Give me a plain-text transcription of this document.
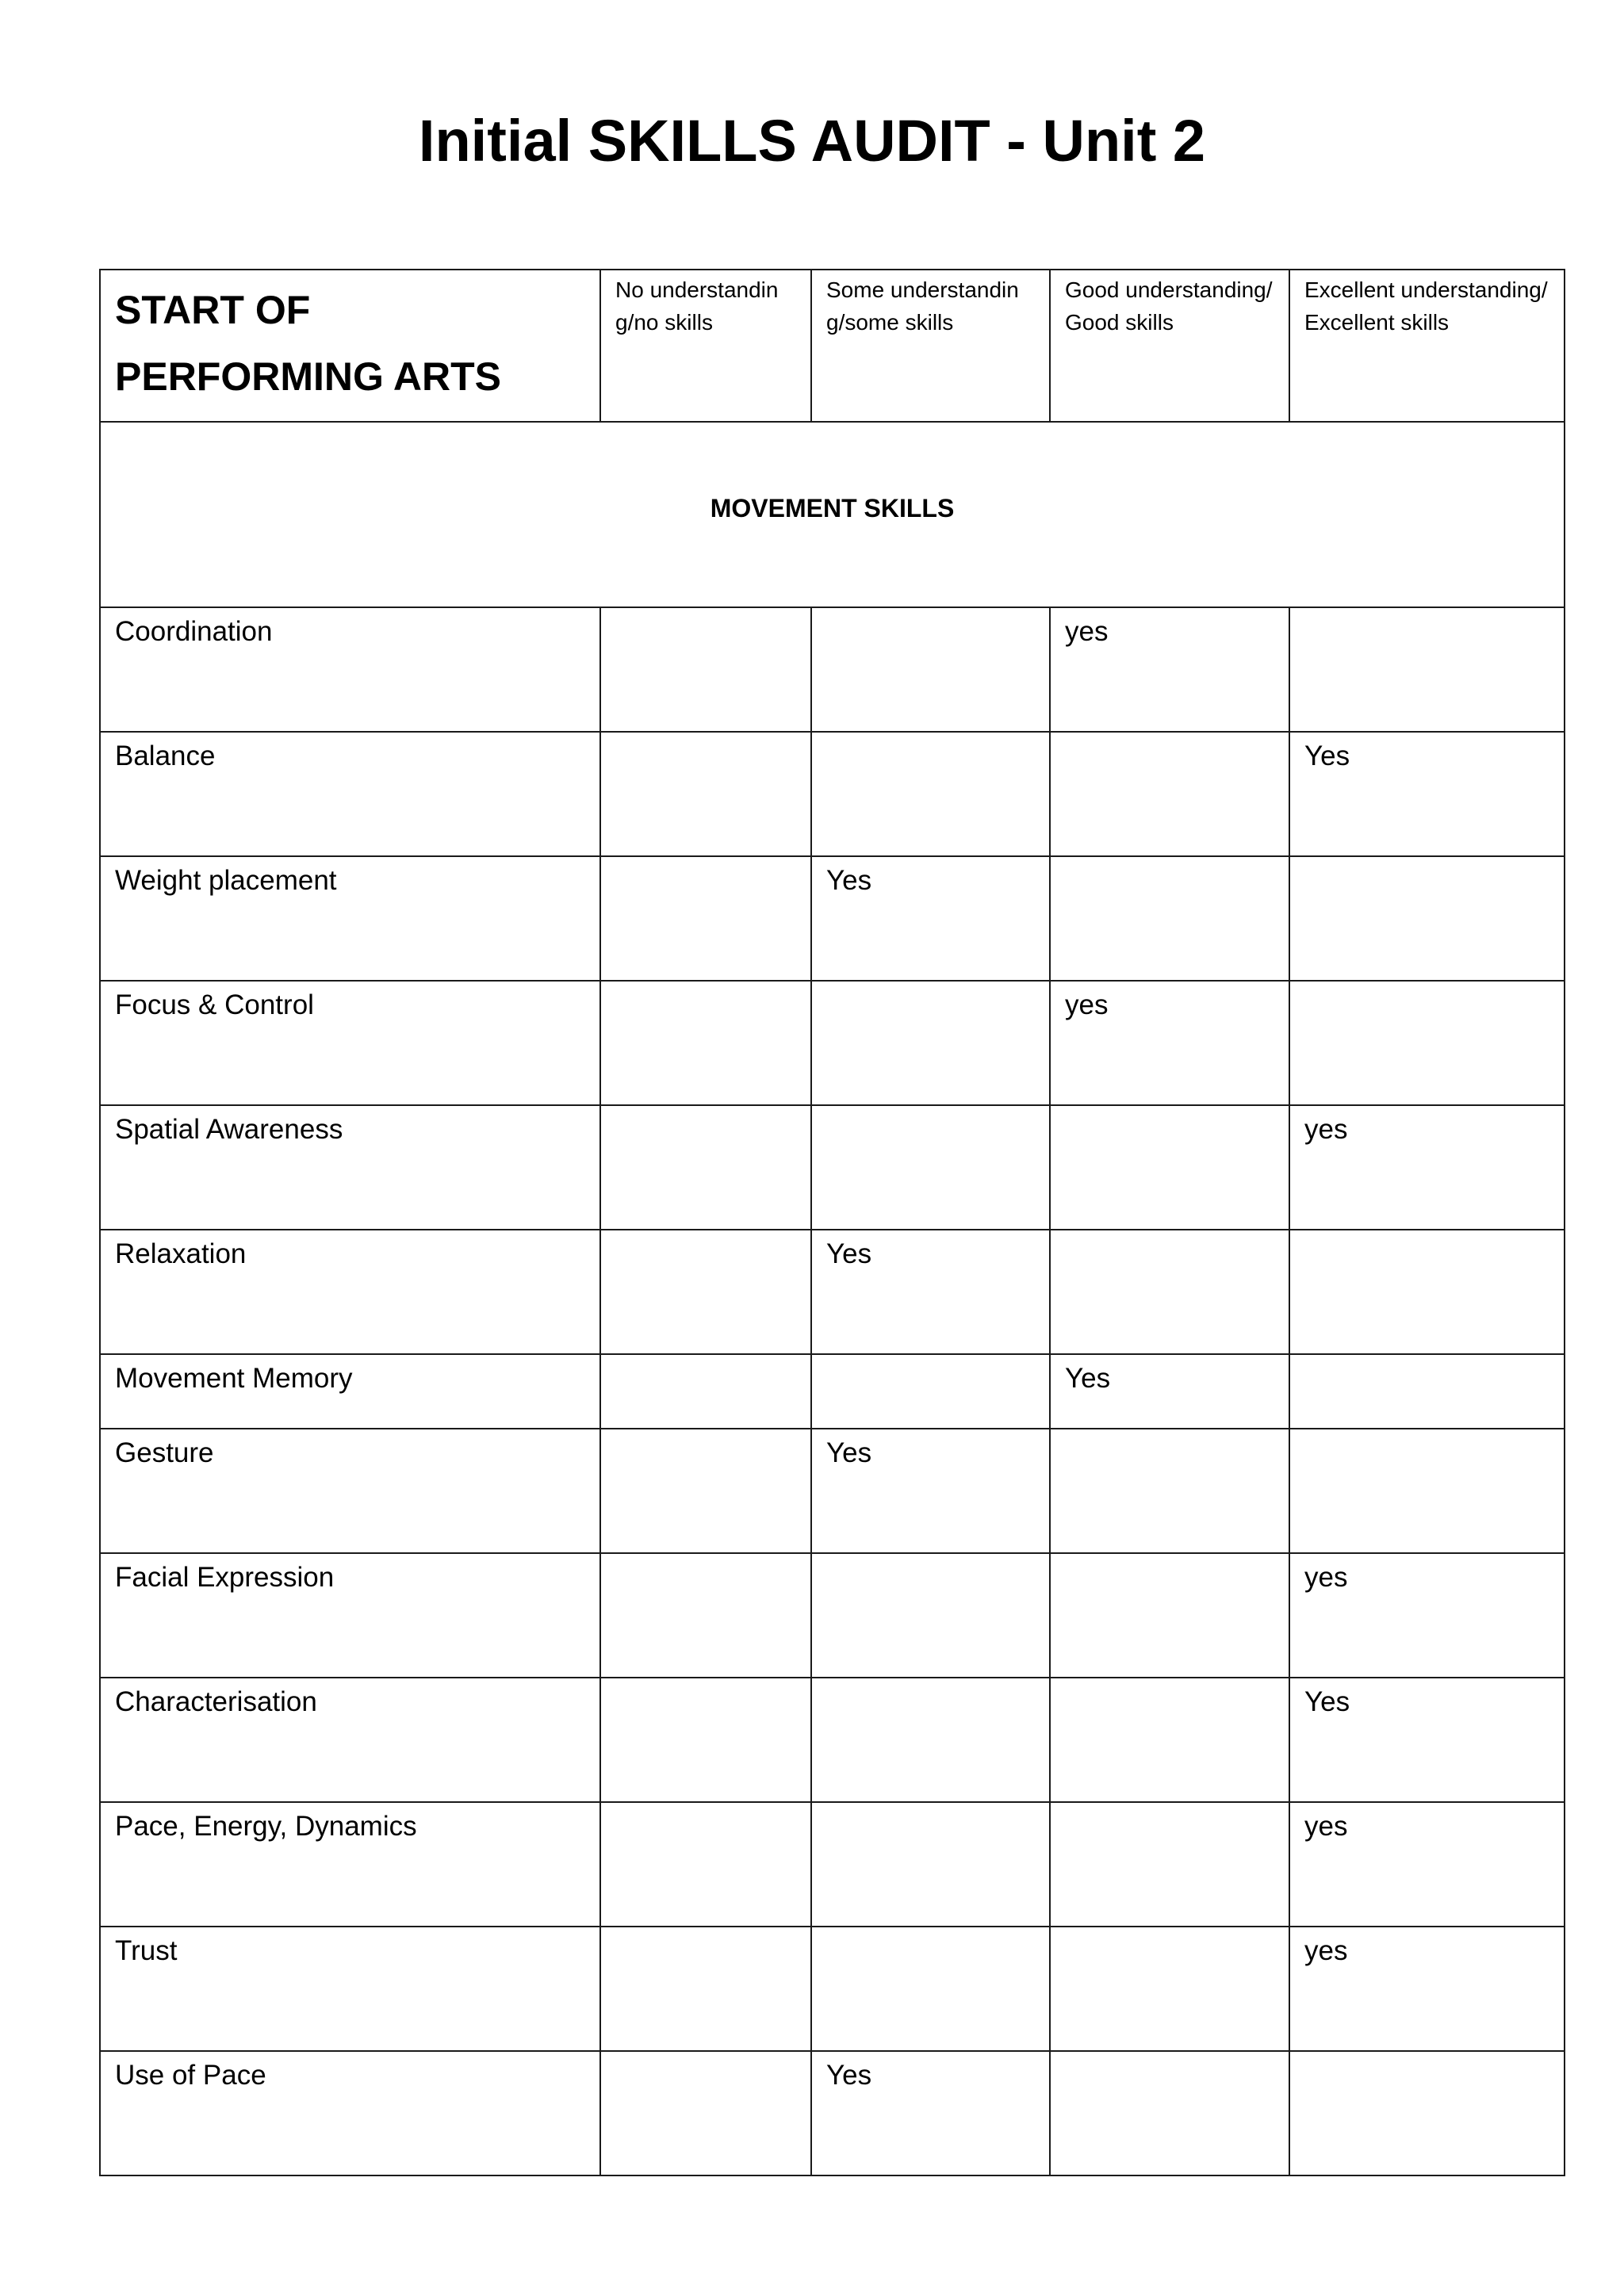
Initial SKILLS AUDIT - Unit 2
START OF PERFORMING ARTS	No understanding/no skills	Some understanding/some skills	Good understanding/Good skills	Excellent understanding/Excellent skills

MOVEMENT SKILLS				

Coordination			yes	

Balance				Yes

Weight placement		Yes		

Focus & Control			yes	

Spatial Awareness				yes

Relaxation		Yes		

Movement Memory			Yes	

Gesture		Yes		

Facial Expression				yes

Characterisation				Yes

Pace, Energy, Dynamics				yes

Trust				yes

Use of Pace		Yes		
